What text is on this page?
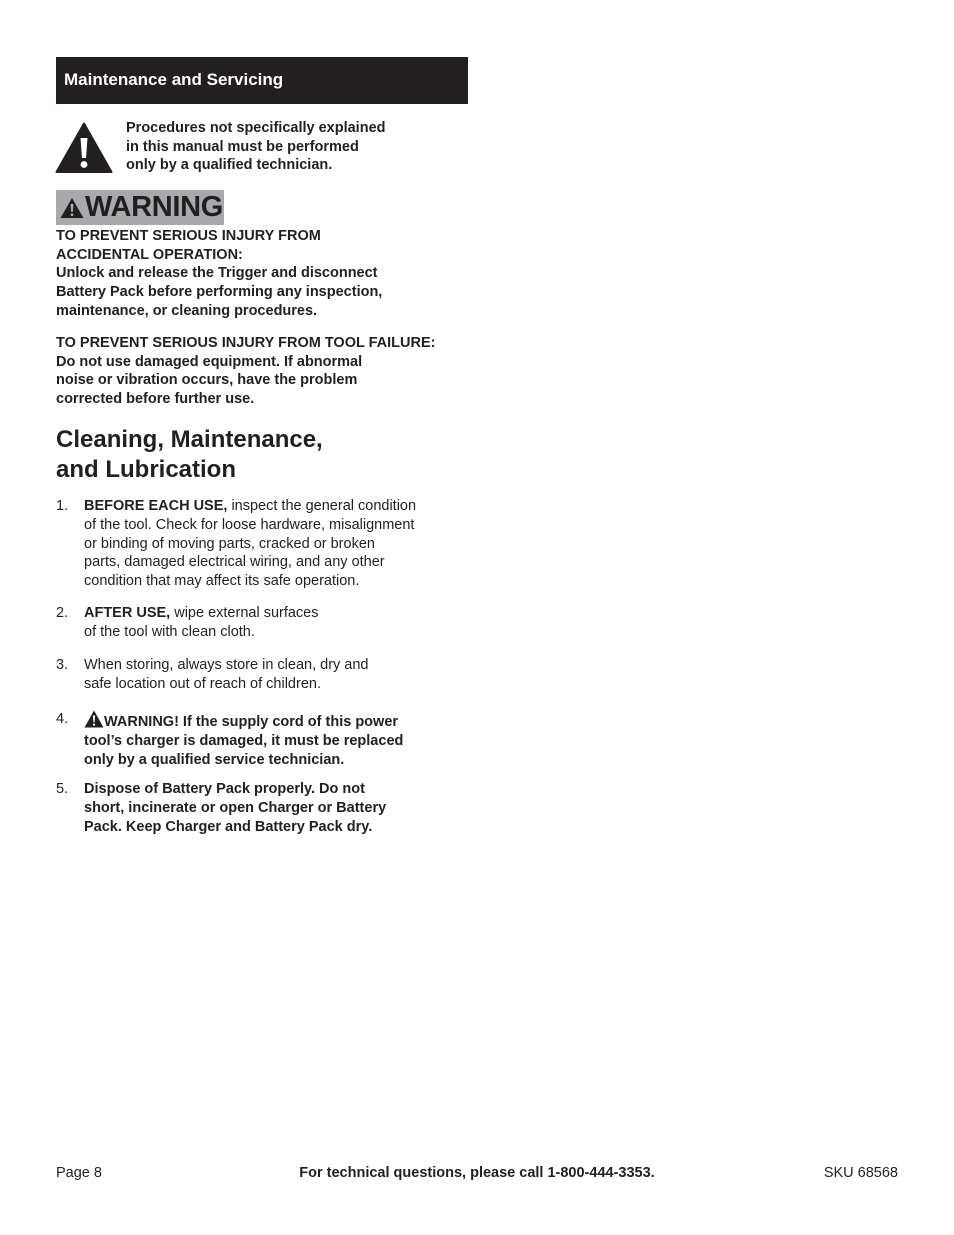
Maintenance and Servicing
Procedures not specifically explained
in this manual must be performed
only by a qualified technician.
WARNING

TO PREVENT SERIOUS INJURY FROM

ACCIDENTAL OPERATION:

Unlock and release the Trigger and disconnect

Battery Pack before performing any inspection,

maintenance, or cleaning procedures.

TO PREVENT SERIOUS INJURY FROM TOOL FAILURE:

Do not use damaged equipment. If abnormal

noise or vibration occurs, have the problem

corrected before further use.

Cleaning, Maintenance,
and Lubrication
1. BEFORE EACH USE, inspect the general condition
of the tool. Check for loose hardware, misalignment
or binding of moving parts, cracked or broken
parts, damaged electrical wiring, and any other
condition that may affect its safe operation.
2. AFTER USE, wipe external surfaces
of the tool with clean cloth.
3. When storing, always store in clean, dry and
safe location out of reach of children.
4.	WARNING! If the supply cord of this power
tool’s charger is damaged, it must be replaced
only by a qualified service technician.
5. Dispose of Battery Pack properly. Do not
short, incinerate or open Charger or Battery
Pack. Keep Charger and Battery Pack dry.
Page 8	For technical questions, please call 1-800-444-3353.	SKU 68568
